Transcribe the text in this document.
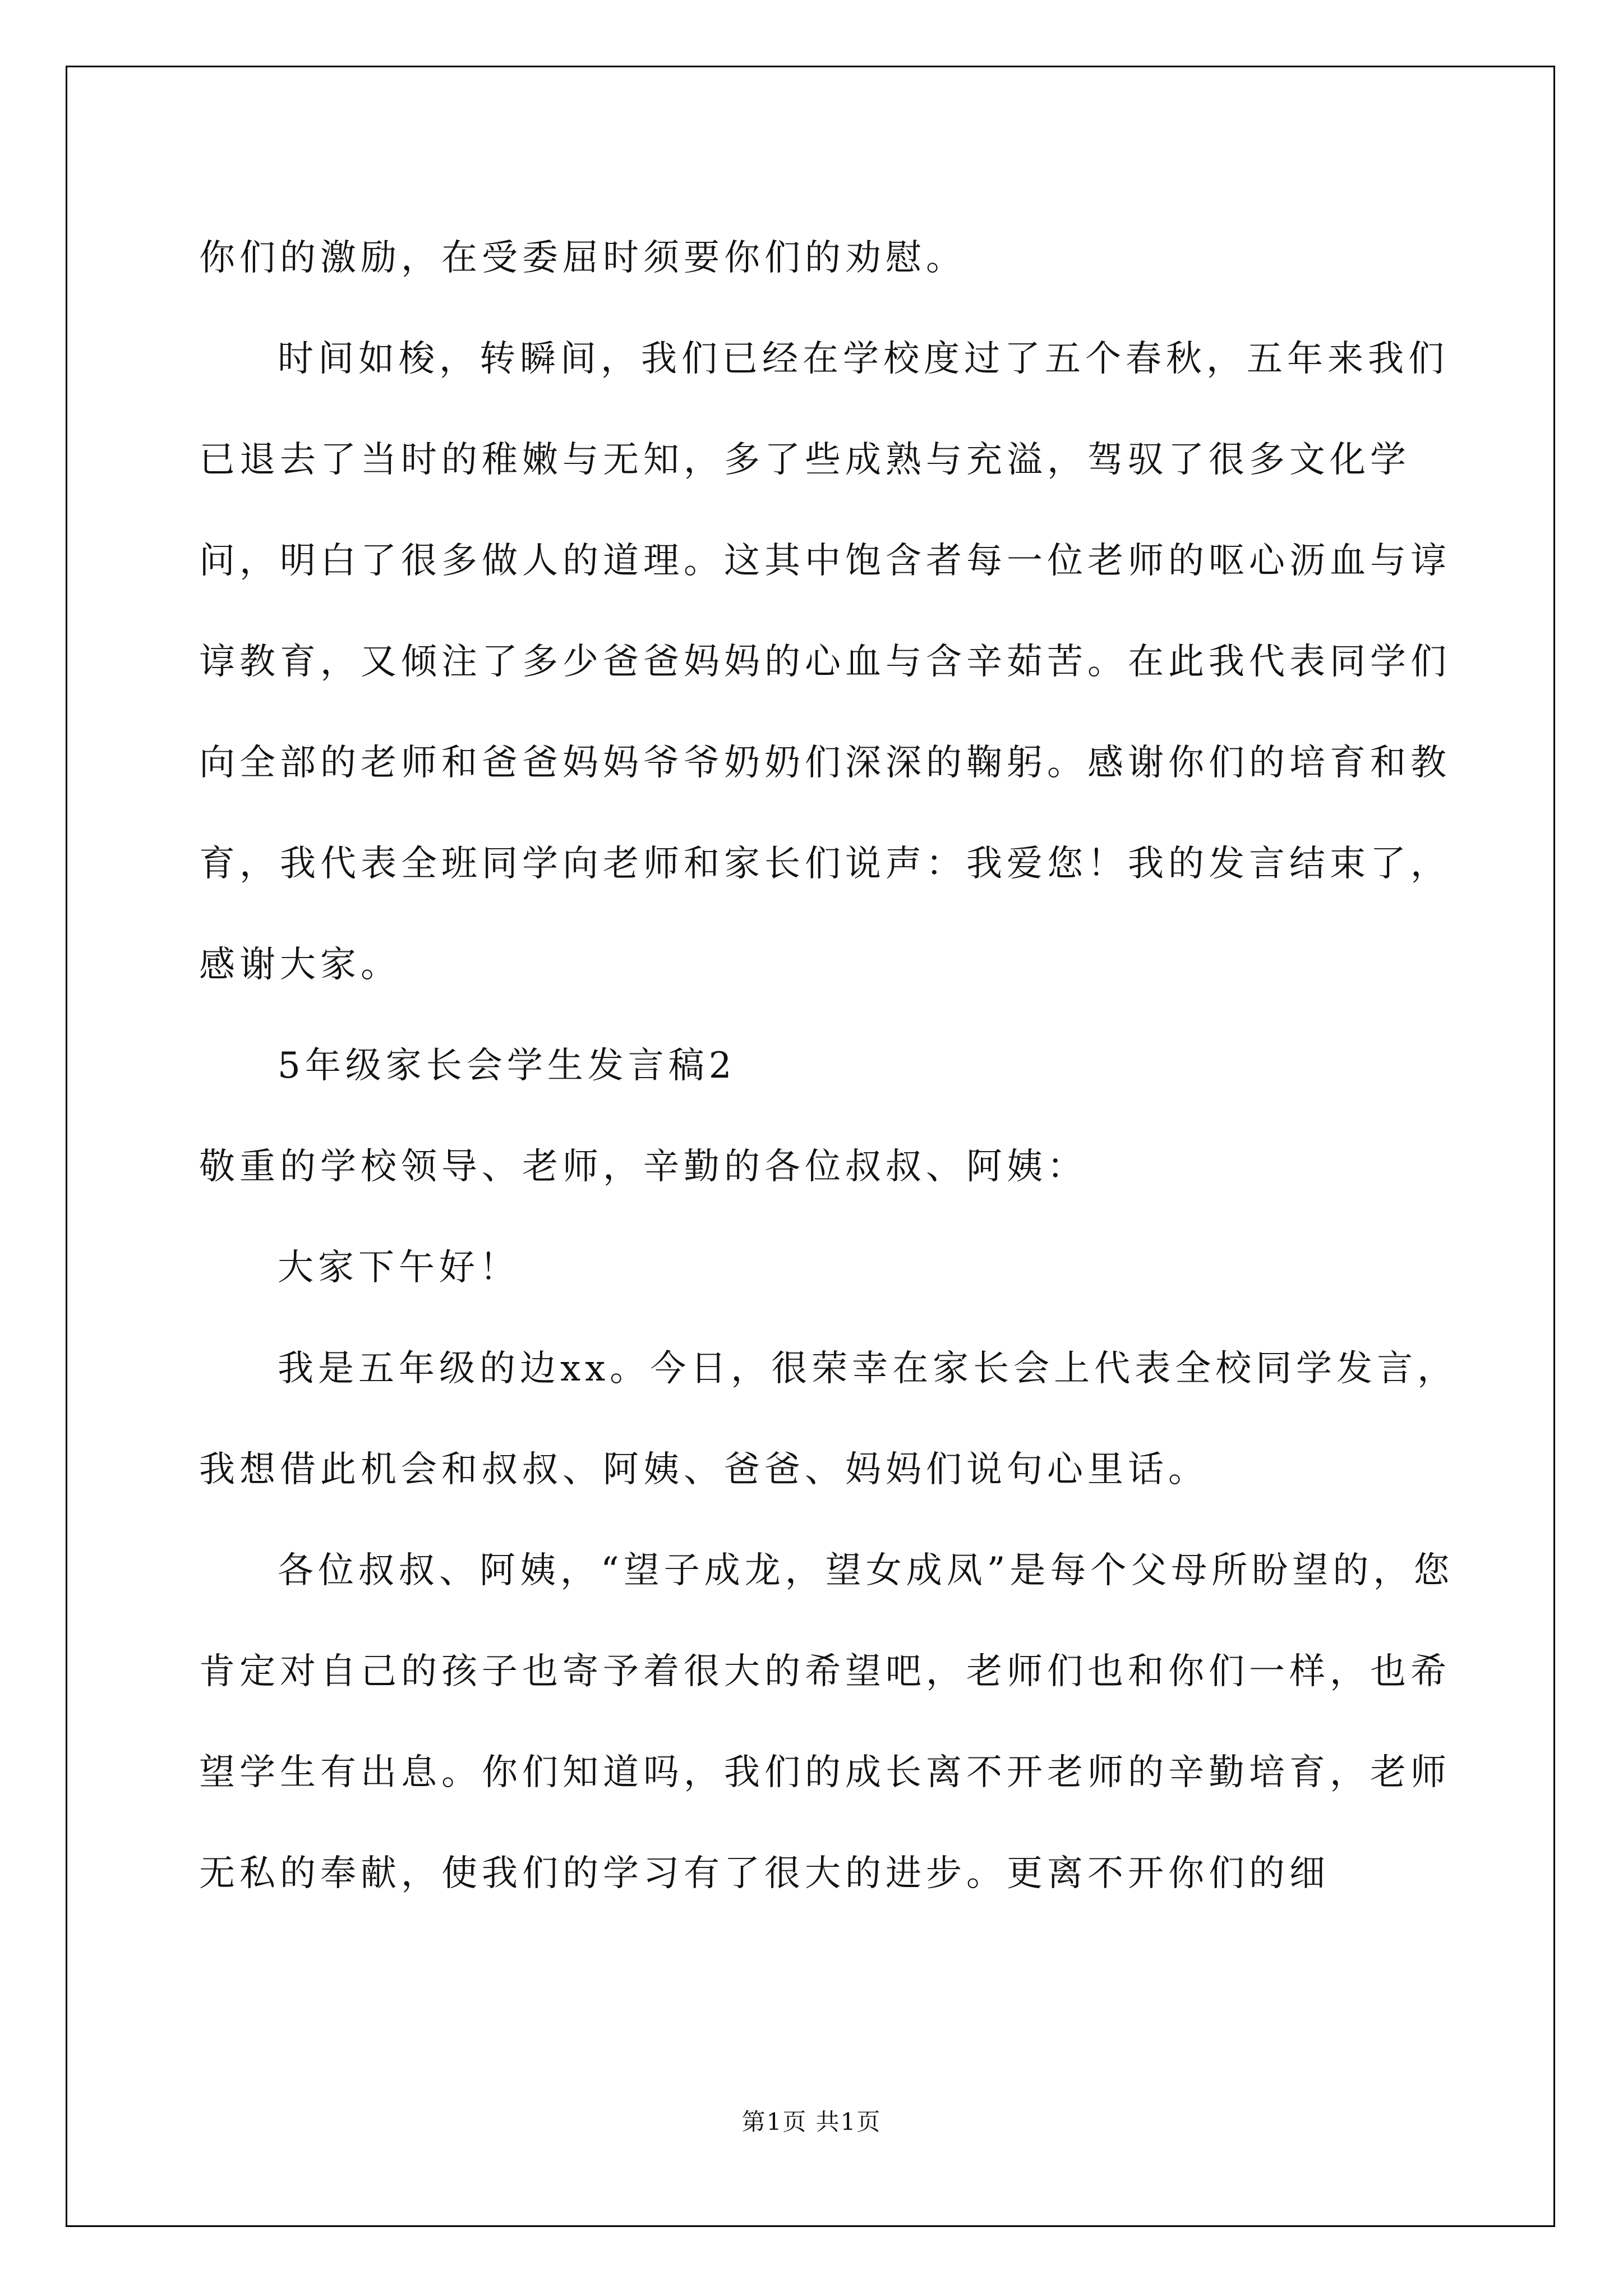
你们的激励，在受委屈时须要你们的劝慰。

时间如梭，转瞬间，我们已经在学校度过了五个春秋，五年来我们已退去了当时的稚嫩与无知，多了些成熟与充溢，驾驭了很多文化学问，明白了很多做人的道理。这其中饱含者每一位老师的呕心沥血与谆谆教育，又倾注了多少爸爸妈妈的心血与含辛茹苦。在此我代表同学们向全部的老师和爸爸妈妈爷爷奶奶们深深的鞠躬。感谢你们的培育和教育，我代表全班同学向老师和家长们说声：我爱您！我的发言结束了，感谢大家。

5年级家长会学生发言稿2

敬重的学校领导、老师，辛勤的各位叔叔、阿姨：

大家下午好！

我是五年级的边xx。今日，很荣幸在家长会上代表全校同学发言，我想借此机会和叔叔、阿姨、爸爸、妈妈们说句心里话。

各位叔叔、阿姨，“望子成龙，望女成凤”是每个父母所盼望的，您肯定对自己的孩子也寄予着很大的希望吧，老师们也和你们一样，也希望学生有出息。你们知道吗，我们的成长离不开老师的辛勤培育，老师无私的奉献，使我们的学习有了很大的进步。更离不开你们的细

第1页 共1页
